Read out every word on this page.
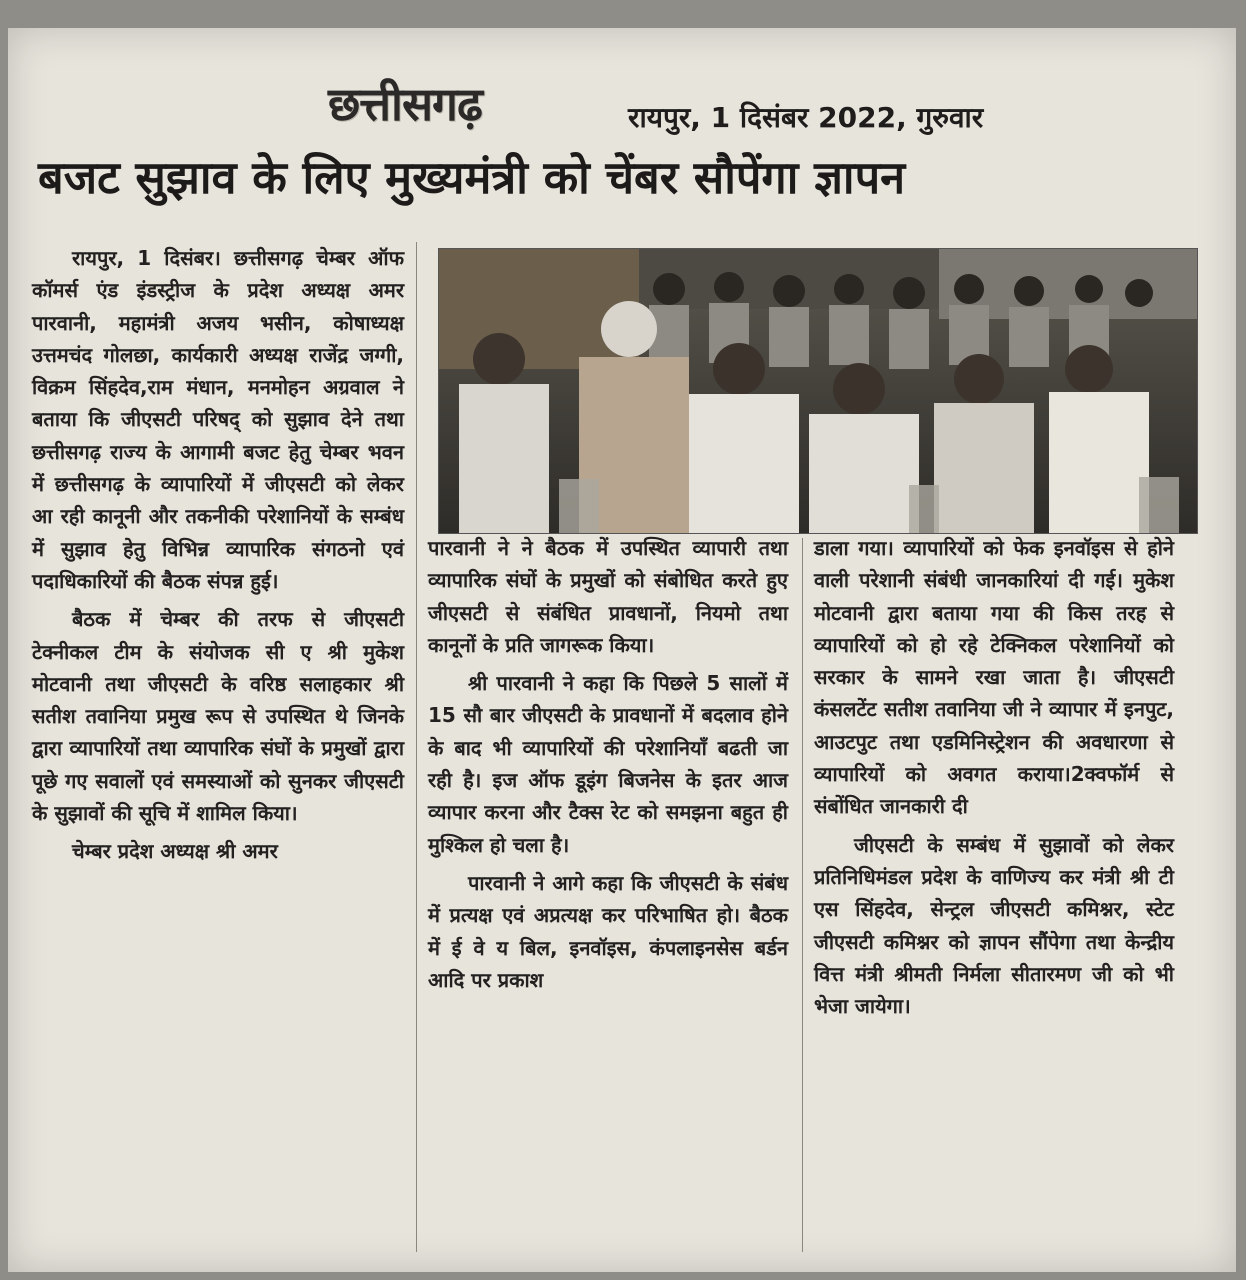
छत्तीसगढ़	रायपुर, 1 दिसंबर 2022, गुरुवार
बजट सुझाव के लिए मुख्यमंत्री को चेंबर सौपेंगा ज्ञापन

रायपुर, 1 दिसंबर। छत्तीसगढ़ चेम्बर ऑफ कॉमर्स एंड इंडस्ट्रीज के प्रदेश अध्यक्ष अमर पारवानी, महामंत्री अजय भसीन, कोषाध्यक्ष उत्तमचंद गोलछा, कार्यकारी अध्यक्ष राजेंद्र जग्गी, विक्रम सिंहदेव,राम मंधान, मनमोहन अग्रवाल ने बताया कि जीएसटी परिषद् को सुझाव देने तथा छत्तीसगढ़ राज्य के आगामी बजट हेतु चेम्बर भवन में छत्तीसगढ़ के व्यापारियों में जीएसटी को लेकर आ रही कानूनी और तकनीकी परेशानियों के सम्बंध में सुझाव हेतु विभिन्न व्यापारिक संगठनो एवं पदाधिकारियों की बैठक संपन्न हुई।

बैठक में चेम्बर की तरफ से जीएसटी टेक्नीकल टीम के संयोजक सी ए श्री मुकेश मोटवानी तथा जीएसटी के वरिष्ठ सलाहकार श्री सतीश तवानिया प्रमुख रूप से उपस्थित थे जिनके द्वारा व्यापारियों तथा व्यापारिक संघों के प्रमुखों द्वारा पूछे गए सवालों एवं समस्याओं को सुनकर जीएसटी के सुझावों की सूचि में शामिल किया।

चेम्बर प्रदेश अध्यक्ष श्री अमर

पारवानी ने ने बैठक में उपस्थित व्यापारी तथा व्यापारिक संघों के प्रमुखों को संबोधित करते हुए जीएसटी से संबंधित प्रावधानों, नियमो तथा कानूनों के प्रति जागरूक किया।

श्री पारवानी ने कहा कि पिछले 5 सालों में 15 सौ बार जीएसटी के प्रावधानों में बदलाव होने के बाद भी व्यापारियों की परेशानियाँ बढती जा रही है। इज ऑफ डूइंग बिजनेस के इतर आज व्यापार करना और टैक्स रेट को समझना बहुत ही मुश्किल हो चला है।

पारवानी ने आगे कहा कि जीएसटी के संबंध में प्रत्यक्ष एवं अप्रत्यक्ष कर परिभाषित हो। बैठक में ई वे य बिल, इनवॉइस, कंपलाइनसेस बर्डन आदि पर प्रकाश

डाला गया। व्यापारियों को फेक इनवॉइस से होने वाली परेशानी संबंधी जानकारियां दी गई। मुकेश मोटवानी द्वारा बताया गया की किस तरह से व्यापारियों को हो रहे टेक्निकल परेशानियों को सरकार के सामने रखा जाता है। जीएसटी कंसलटेंट सतीश तवानिया जी ने व्यापार में इनपुट, आउटपुट तथा एडमिनिस्ट्रेशन की अवधारणा से व्यापारियों को अवगत कराया।2क्वफॉर्म से संबोंधित जानकारी दी

जीएसटी के सम्बंध में सुझावों को लेकर प्रतिनिधिमंडल प्रदेश के वाणिज्य कर मंत्री श्री टी एस सिंहदेव, सेन्ट्रल जीएसटी कमिश्नर, स्टेट जीएसटी कमिश्नर को ज्ञापन सौंपेगा तथा केन्द्रीय वित्त मंत्री श्रीमती निर्मला सीतारमण जी को भी भेजा जायेगा।
